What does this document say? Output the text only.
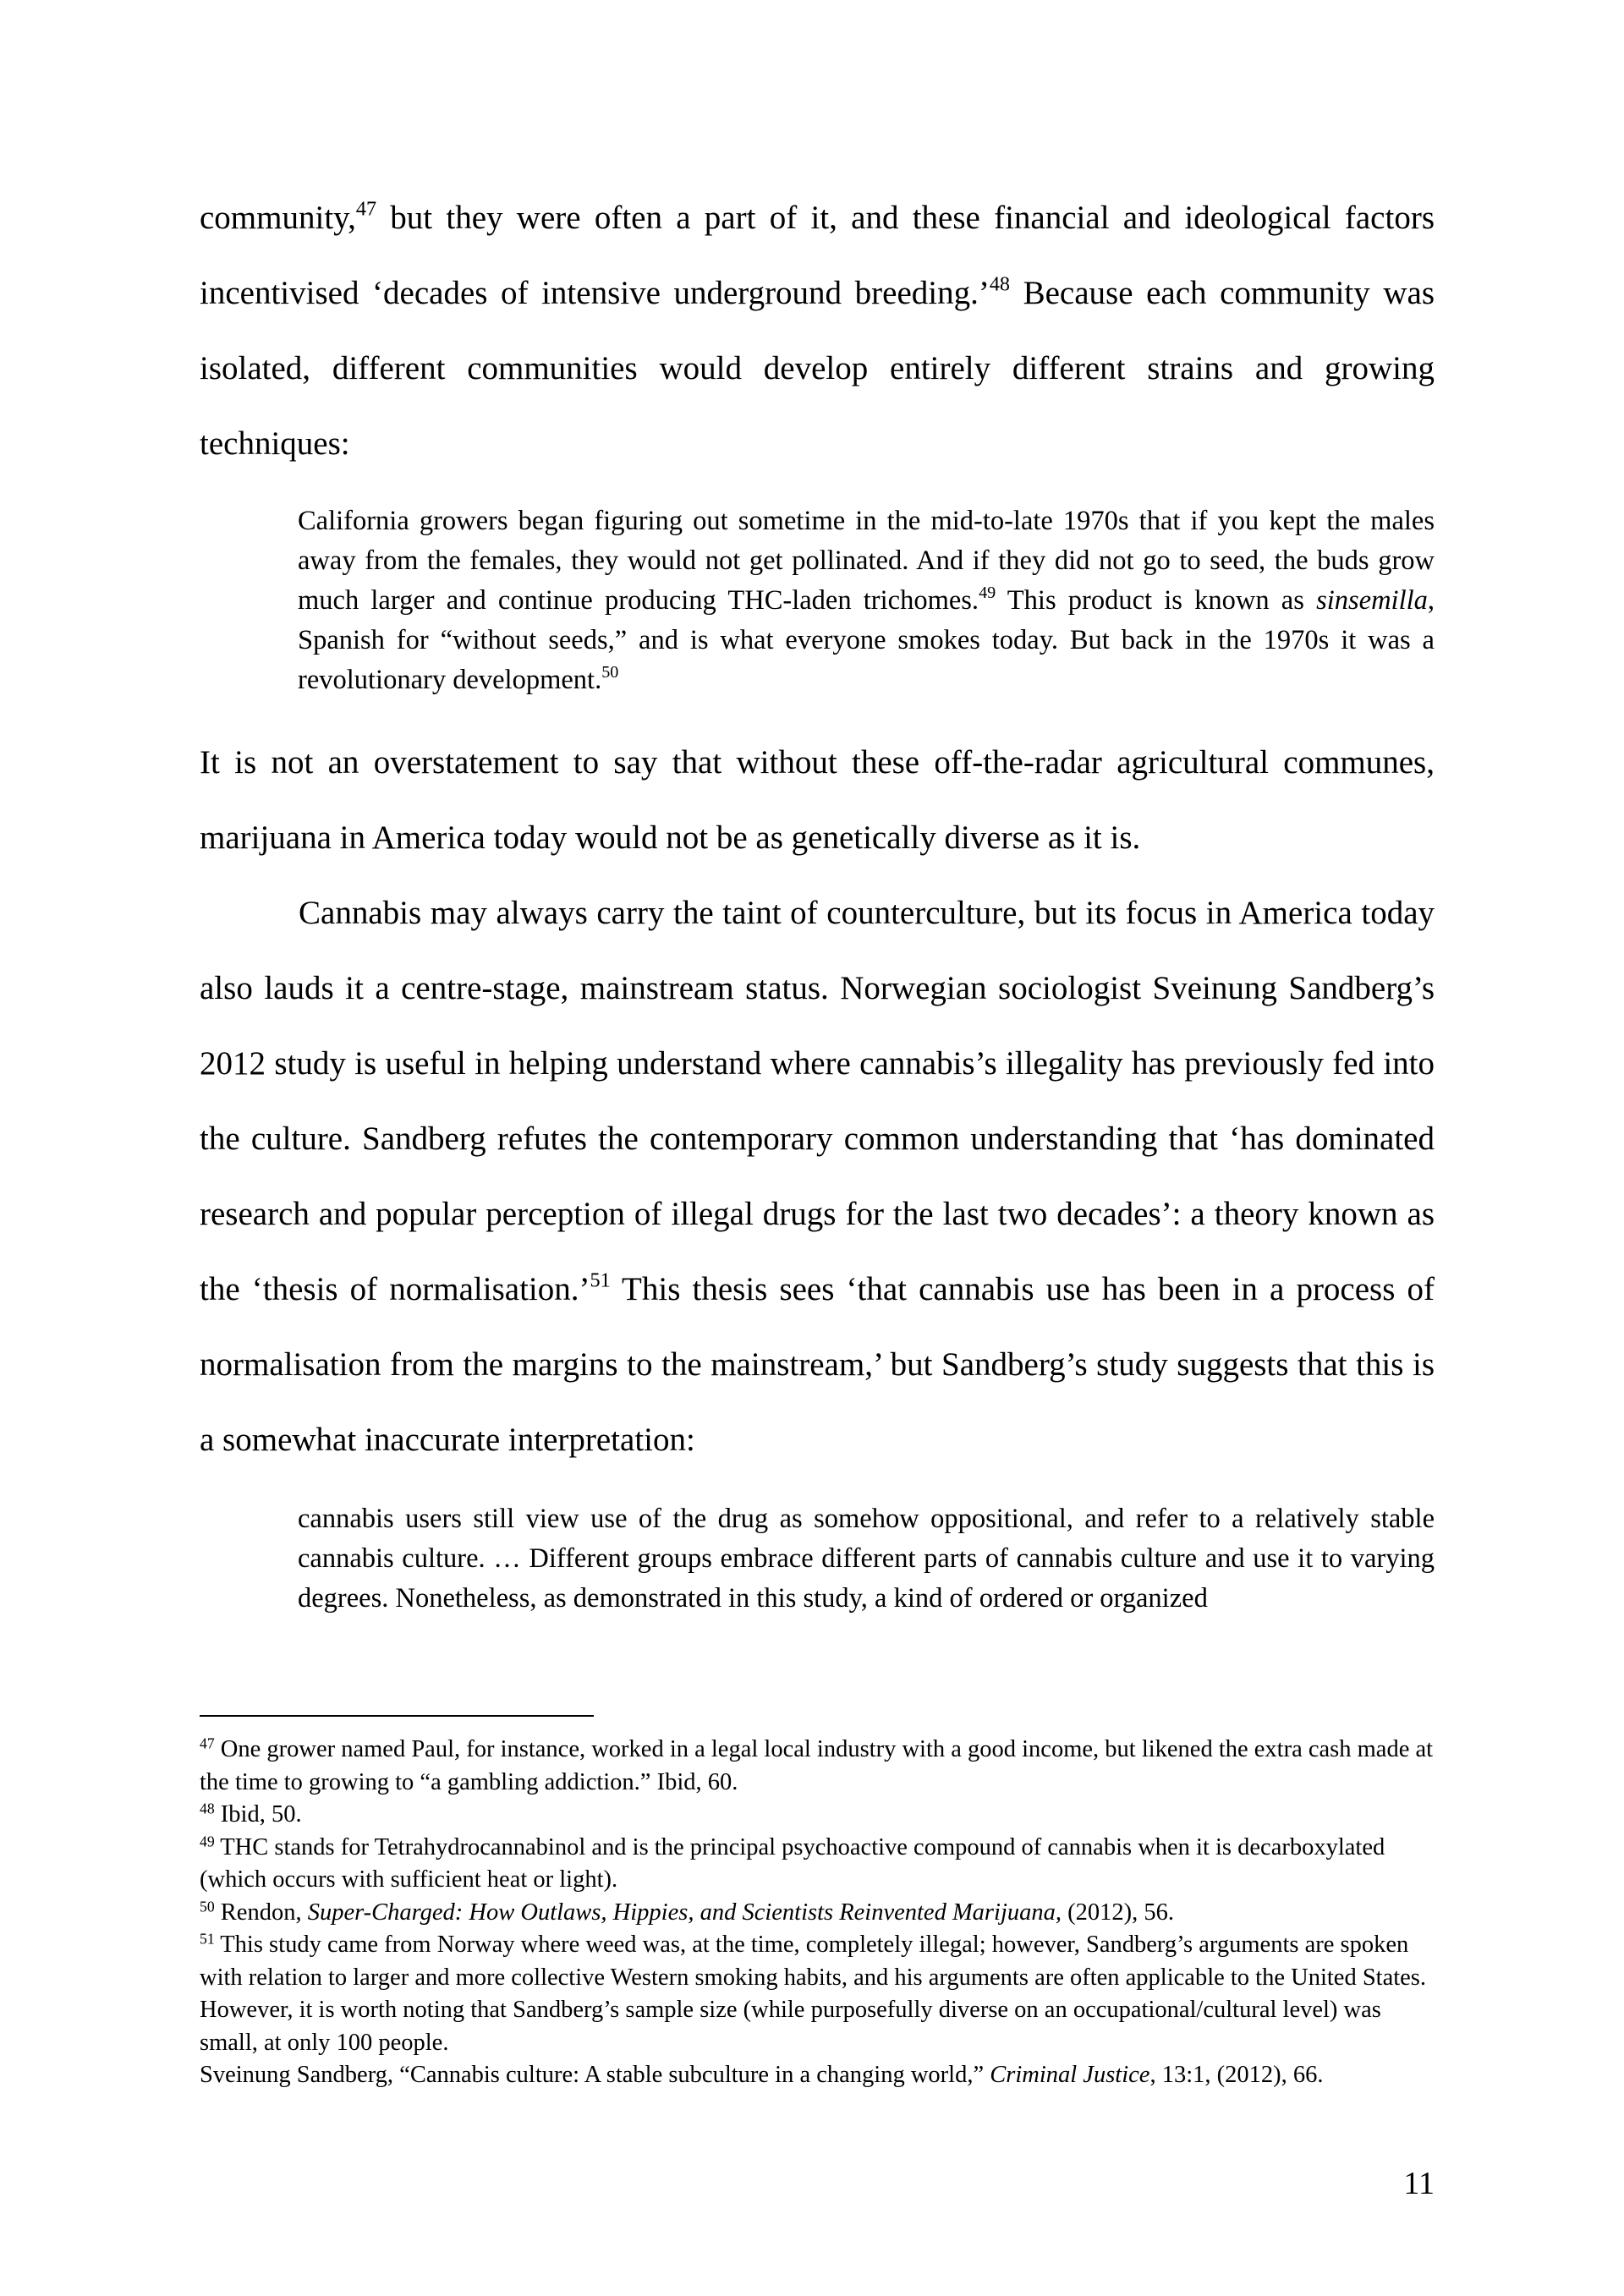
community,$^{47}$ but they were often a part of it, and these financial and ideological factors incentivised ‘decades of intensive underground breeding.’$^{48}$ Because each community was isolated, different communities would develop entirely different strains and growing techniques:

California growers began figuring out sometime in the mid-to-late 1970s that if you kept the males away from the females, they would not get pollinated. And if they did not go to seed, the buds grow much larger and continue producing THC-laden trichomes.$^{49}$ This product is known as sinsemilla, Spanish for “without seeds,” and is what everyone smokes today. But back in the 1970s it was a revolutionary development.$^{50}$

It is not an overstatement to say that without these off-the-radar agricultural communes, marijuana in America today would not be as genetically diverse as it is.

Cannabis may always carry the taint of counterculture, but its focus in America today also lauds it a centre-stage, mainstream status. Norwegian sociologist Sveinung Sandberg’s 2012 study is useful in helping understand where cannabis’s illegality has previously fed into the culture. Sandberg refutes the contemporary common understanding that ‘has dominated research and popular perception of illegal drugs for the last two decades’: a theory known as the ‘thesis of normalisation.’$^{51}$ This thesis sees ‘that cannabis use has been in a process of normalisation from the margins to the mainstream,’ but Sandberg’s study suggests that this is a somewhat inaccurate interpretation:

cannabis users still view use of the drug as somehow oppositional, and refer to a relatively stable cannabis culture. … Different groups embrace different parts of cannabis culture and use it to varying degrees. Nonetheless, as demonstrated in this study, a kind of ordered or organized

$^{47}$ One grower named Paul, for instance, worked in a legal local industry with a good income, but likened the extra cash made at the time to growing to “a gambling addiction.” Ibid, 60.

$^{48}$ Ibid, 50.

$^{49}$ THC stands for Tetrahydrocannabinol and is the principal psychoactive compound of cannabis when it is decarboxylated (which occurs with sufficient heat or light).

$^{50}$ Rendon, Super-Charged: How Outlaws, Hippies, and Scientists Reinvented Marijuana, (2012), 56.

$^{51}$ This study came from Norway where weed was, at the time, completely illegal; however, Sandberg’s arguments are spoken with relation to larger and more collective Western smoking habits, and his arguments are often applicable to the United States. However, it is worth noting that Sandberg’s sample size (while purposefully diverse on an occupational/cultural level) was small, at only 100 people.

Sveinung Sandberg, “Cannabis culture: A stable subculture in a changing world,” Criminal Justice, 13:1, (2012), 66.

11
